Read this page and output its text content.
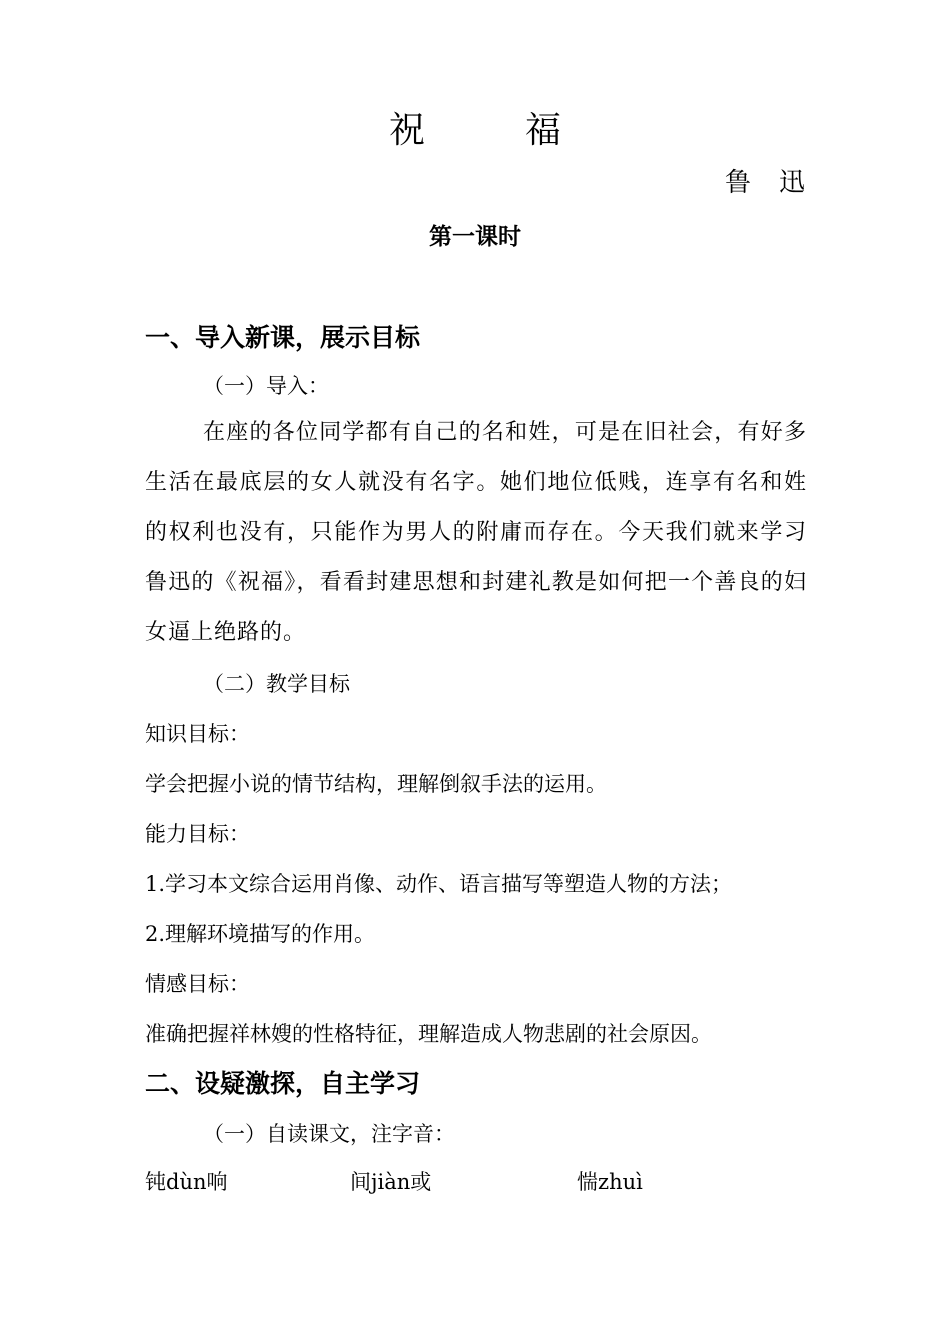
祝	福
鲁 迅
第一课时
一、导入新课，展示目标
（一）导入：
在座的各位同学都有自己的名和姓，可是在旧社会，有好多生活在最底层的女人就没有名字。她们地位低贱，连享有名和姓的权利也没有，只能作为男人的附庸而存在。今天我们就来学习鲁迅的《祝福》，看看封建思想和封建礼教是如何把一个善良的妇女逼上绝路的。
（二）教学目标
知识目标：
学会把握小说的情节结构，理解倒叙手法的运用。
能力目标：
1.学习本文综合运用肖像、动作、语言描写等塑造人物的方法；
2.理解环境描写的作用。
情感目标：
准确把握祥林嫂的性格特征，理解造成人物悲剧的社会原因。
二、设疑激探，自主学习
（一）自读课文，注字音：
钝dùn响	间jiàn或	惴zhuì
